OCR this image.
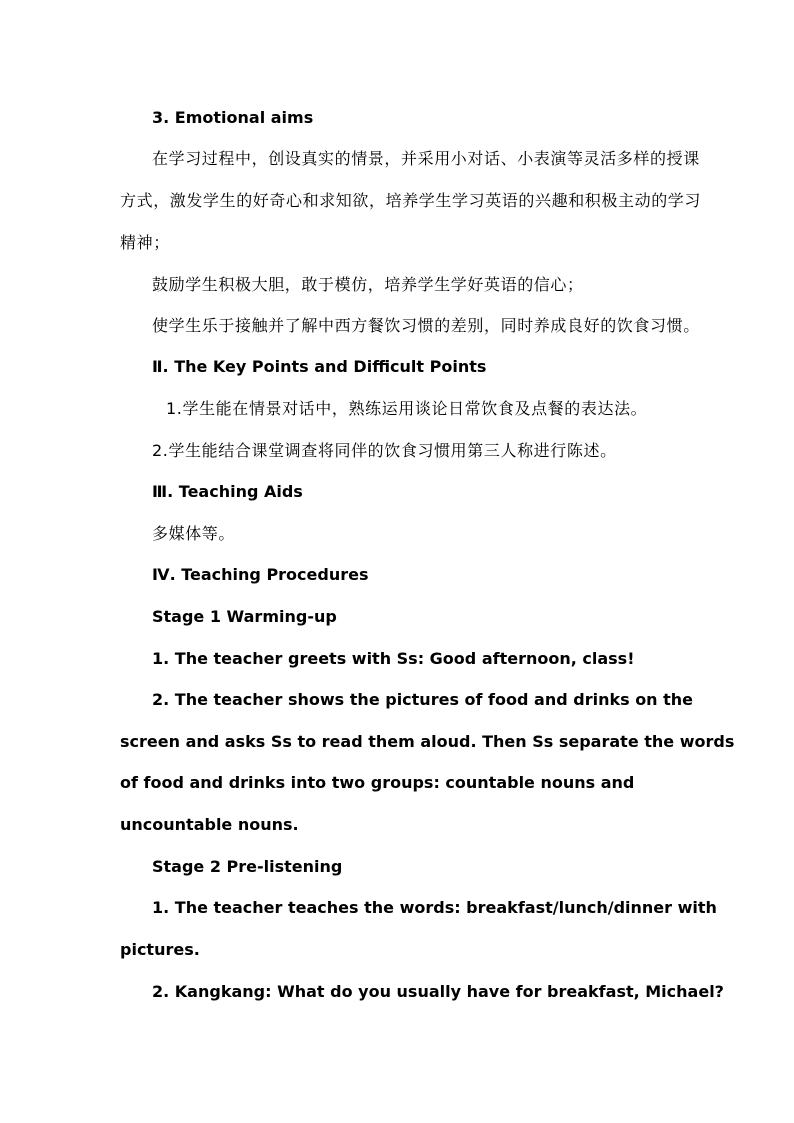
3. Emotional aims
在学习过程中，创设真实的情景，并采用小对话、小表演等灵活多样的授课
方式，激发学生的好奇心和求知欲，培养学生学习英语的兴趣和积极主动的学习
精神；
鼓励学生积极大胆，敢于模仿，培养学生学好英语的信心；
使学生乐于接触并了解中西方餐饮习惯的差别，同时养成良好的饮食习惯。
Ⅱ. The Key Points and Difficult Points
1.学生能在情景对话中，熟练运用谈论日常饮食及点餐的表达法。
2.学生能结合课堂调查将同伴的饮食习惯用第三人称进行陈述。
Ⅲ. Teaching Aids
多媒体等。
Ⅳ. Teaching Procedures
Stage 1 Warming-up
1. The teacher greets with Ss: Good afternoon, class!
2. The teacher shows the pictures of food and drinks on the
screen and asks Ss to read them aloud. Then Ss separate the words
of food and drinks into two groups: countable nouns and
uncountable nouns.
Stage 2 Pre-listening
1. The teacher teaches the words: breakfast/lunch/dinner with
pictures.
2. Kangkang: What do you usually have for breakfast, Michael?
